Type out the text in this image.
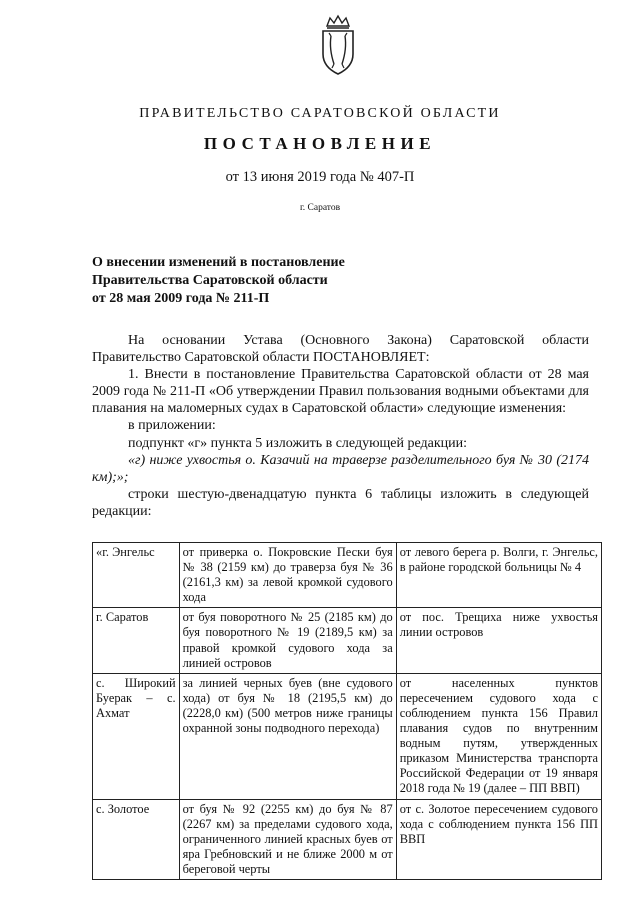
ПРАВИТЕЛЬСТВО САРАТОВСКОЙ ОБЛАСТИ
ПОСТАНОВЛЕНИЕ
от 13 июня 2019 года № 407-П
г. Саратов
О внесении изменений в постановление
Правительства Саратовской области
от 28 мая 2009 года № 211-П
На основании Устава (Основного Закона) Саратовской области Правительство Саратовской области ПОСТАНОВЛЯЕТ:
1. Внести в постановление Правительства Саратовской области от 28 мая 2009 года № 211-П «Об утверждении Правил пользования водными объектами для плавания на маломерных судах в Саратовской области» следующие изменения:
в приложении:
подпункт «г» пункта 5 изложить в следующей редакции:
«г) ниже ухвостья о. Казачий на траверзе разделительного буя № 30 (2174 км);»;
строки шестую-двенадцатую пункта 6 таблицы изложить в следующей редакции:
«г. Энгельс	от приверка о. Покровские Пески буя № 38 (2159 км) до траверза буя № 36 (2161,3 км) за левой кромкой судового хода	от левого берега р. Волги, г. Энгельс, в районе городской больницы № 4
г. Саратов	от буя поворотного № 25 (2185 км) до буя поворотного № 19 (2189,5 км) за правой кромкой судового хода за линией островов	от пос. Трещиха ниже ухвостья линии островов
с. Широкий Буерак – с. Ахмат	за линией черных буев (вне судового хода) от буя № 18 (2195,5 км) до (2228,0 км) (500 метров ниже границы охранной зоны подводного перехода)	от населенных пунктов пересечением судового хода с соблюдением пункта 156 Правил плавания судов по внутренним водным путям, утвержденных приказом Министерства транспорта Российской Федерации от 19 января 2018 года № 19 (далее – ПП ВВП)
с. Золотое	от буя № 92 (2255 км) до буя № 87 (2267 км) за пределами судового хода, ограниченного линией красных буев от яра Гребновский и не ближе 2000 м от береговой черты	от с. Золотое пересечением судового хода с соблюдением пункта 156 ПП ВВП
